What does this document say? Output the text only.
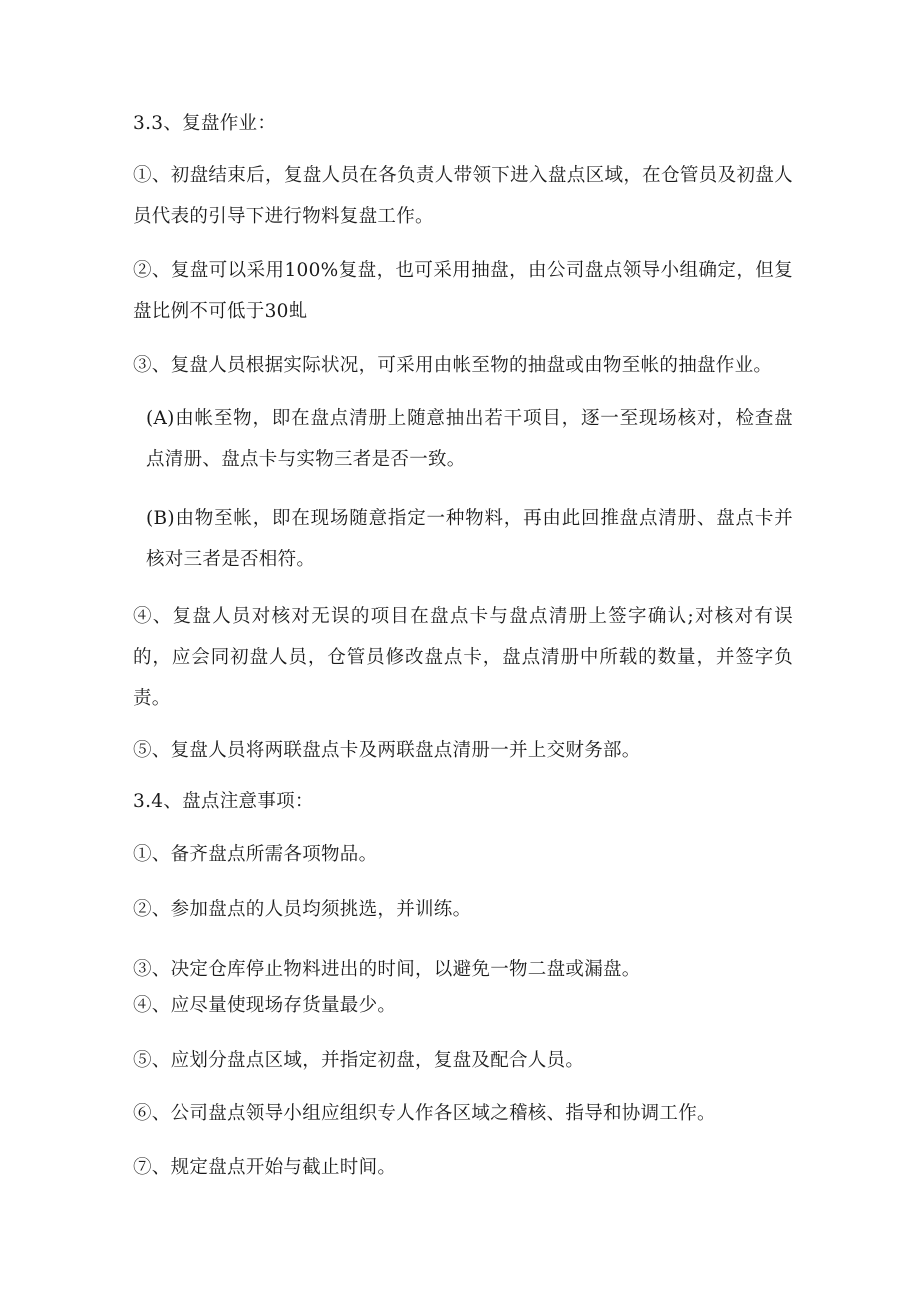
3.3、复盘作业：

①、初盘结束后，复盘人员在各负责人带领下进入盘点区域，在仓管员及初盘人员代表的引导下进行物料复盘工作。

②、复盘可以采用100%复盘，也可采用抽盘，由公司盘点领导小组确定，但复盘比例不可低于30虬

③、复盘人员根据实际状况，可采用由帐至物的抽盘或由物至帐的抽盘作业。

(A)由帐至物，即在盘点清册上随意抽出若干项目，逐一至现场核对，检查盘点清册、盘点卡与实物三者是否一致。

(B)由物至帐，即在现场随意指定一种物料，再由此回推盘点清册、盘点卡并核对三者是否相符。

④、复盘人员对核对无误的项目在盘点卡与盘点清册上签字确认;对核对有误的，应会同初盘人员，仓管员修改盘点卡，盘点清册中所载的数量，并签字负责。

⑤、复盘人员将两联盘点卡及两联盘点清册一并上交财务部。

3.4、盘点注意事项：

①、备齐盘点所需各项物品。

②、参加盘点的人员均须挑选，并训练。

③、决定仓库停止物料进出的时间，以避免一物二盘或漏盘。

④、应尽量使现场存货量最少。

⑤、应划分盘点区域，并指定初盘，复盘及配合人员。

⑥、公司盘点领导小组应组织专人作各区域之稽核、指导和协调工作。

⑦、规定盘点开始与截止时间。
